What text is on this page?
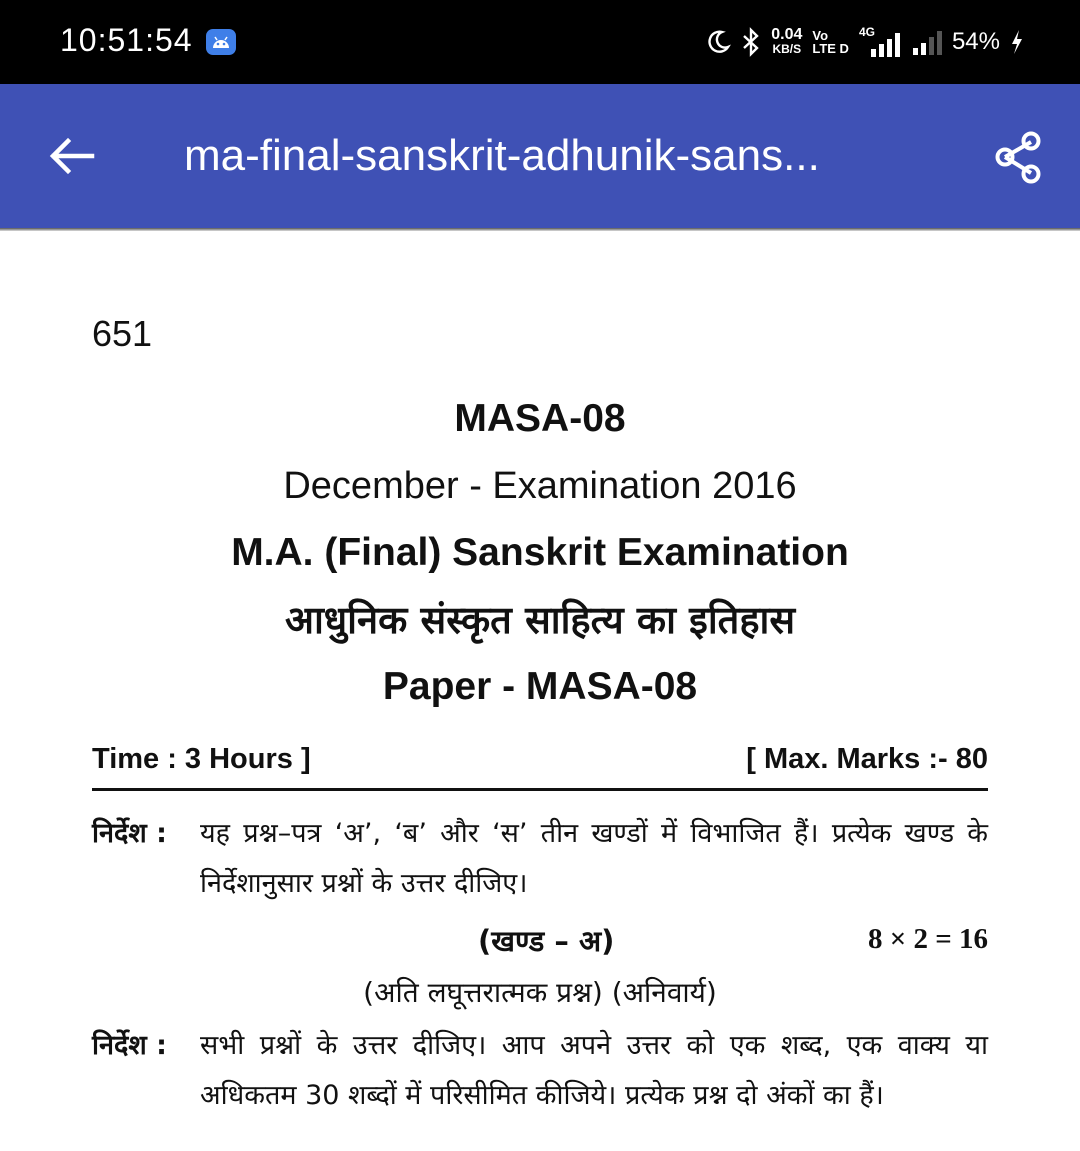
10:51:54	0.04
KB/S
Vo
LTE D
4G	54%
ma-final-sanskrit-adhunik-sans...
651
MASA-08
December - Examination 2016
M.A. (Final) Sanskrit Examination
आधुनिक संस्कृत साहित्य का इतिहास
Paper - MASA-08
Time : 3 Hours ]	[ Max. Marks :- 80
निर्देश : यह प्रश्न–पत्र ‘अ’, ‘ब’ और ‘स’ तीन खण्डों में विभाजित हैं। प्रत्येक खण्ड के निर्देशानुसार प्रश्नों के उत्तर दीजिए।
(खण्ड – अ)	8 × 2 = 16
(अति लघूत्तरात्मक प्रश्न) (अनिवार्य)
निर्देश : सभी प्रश्नों के उत्तर दीजिए। आप अपने उत्तर को एक शब्द, एक वाक्य या अधिकतम 30 शब्दों में परिसीमित कीजिये। प्रत्येक प्रश्न दो अंकों का हैं।
